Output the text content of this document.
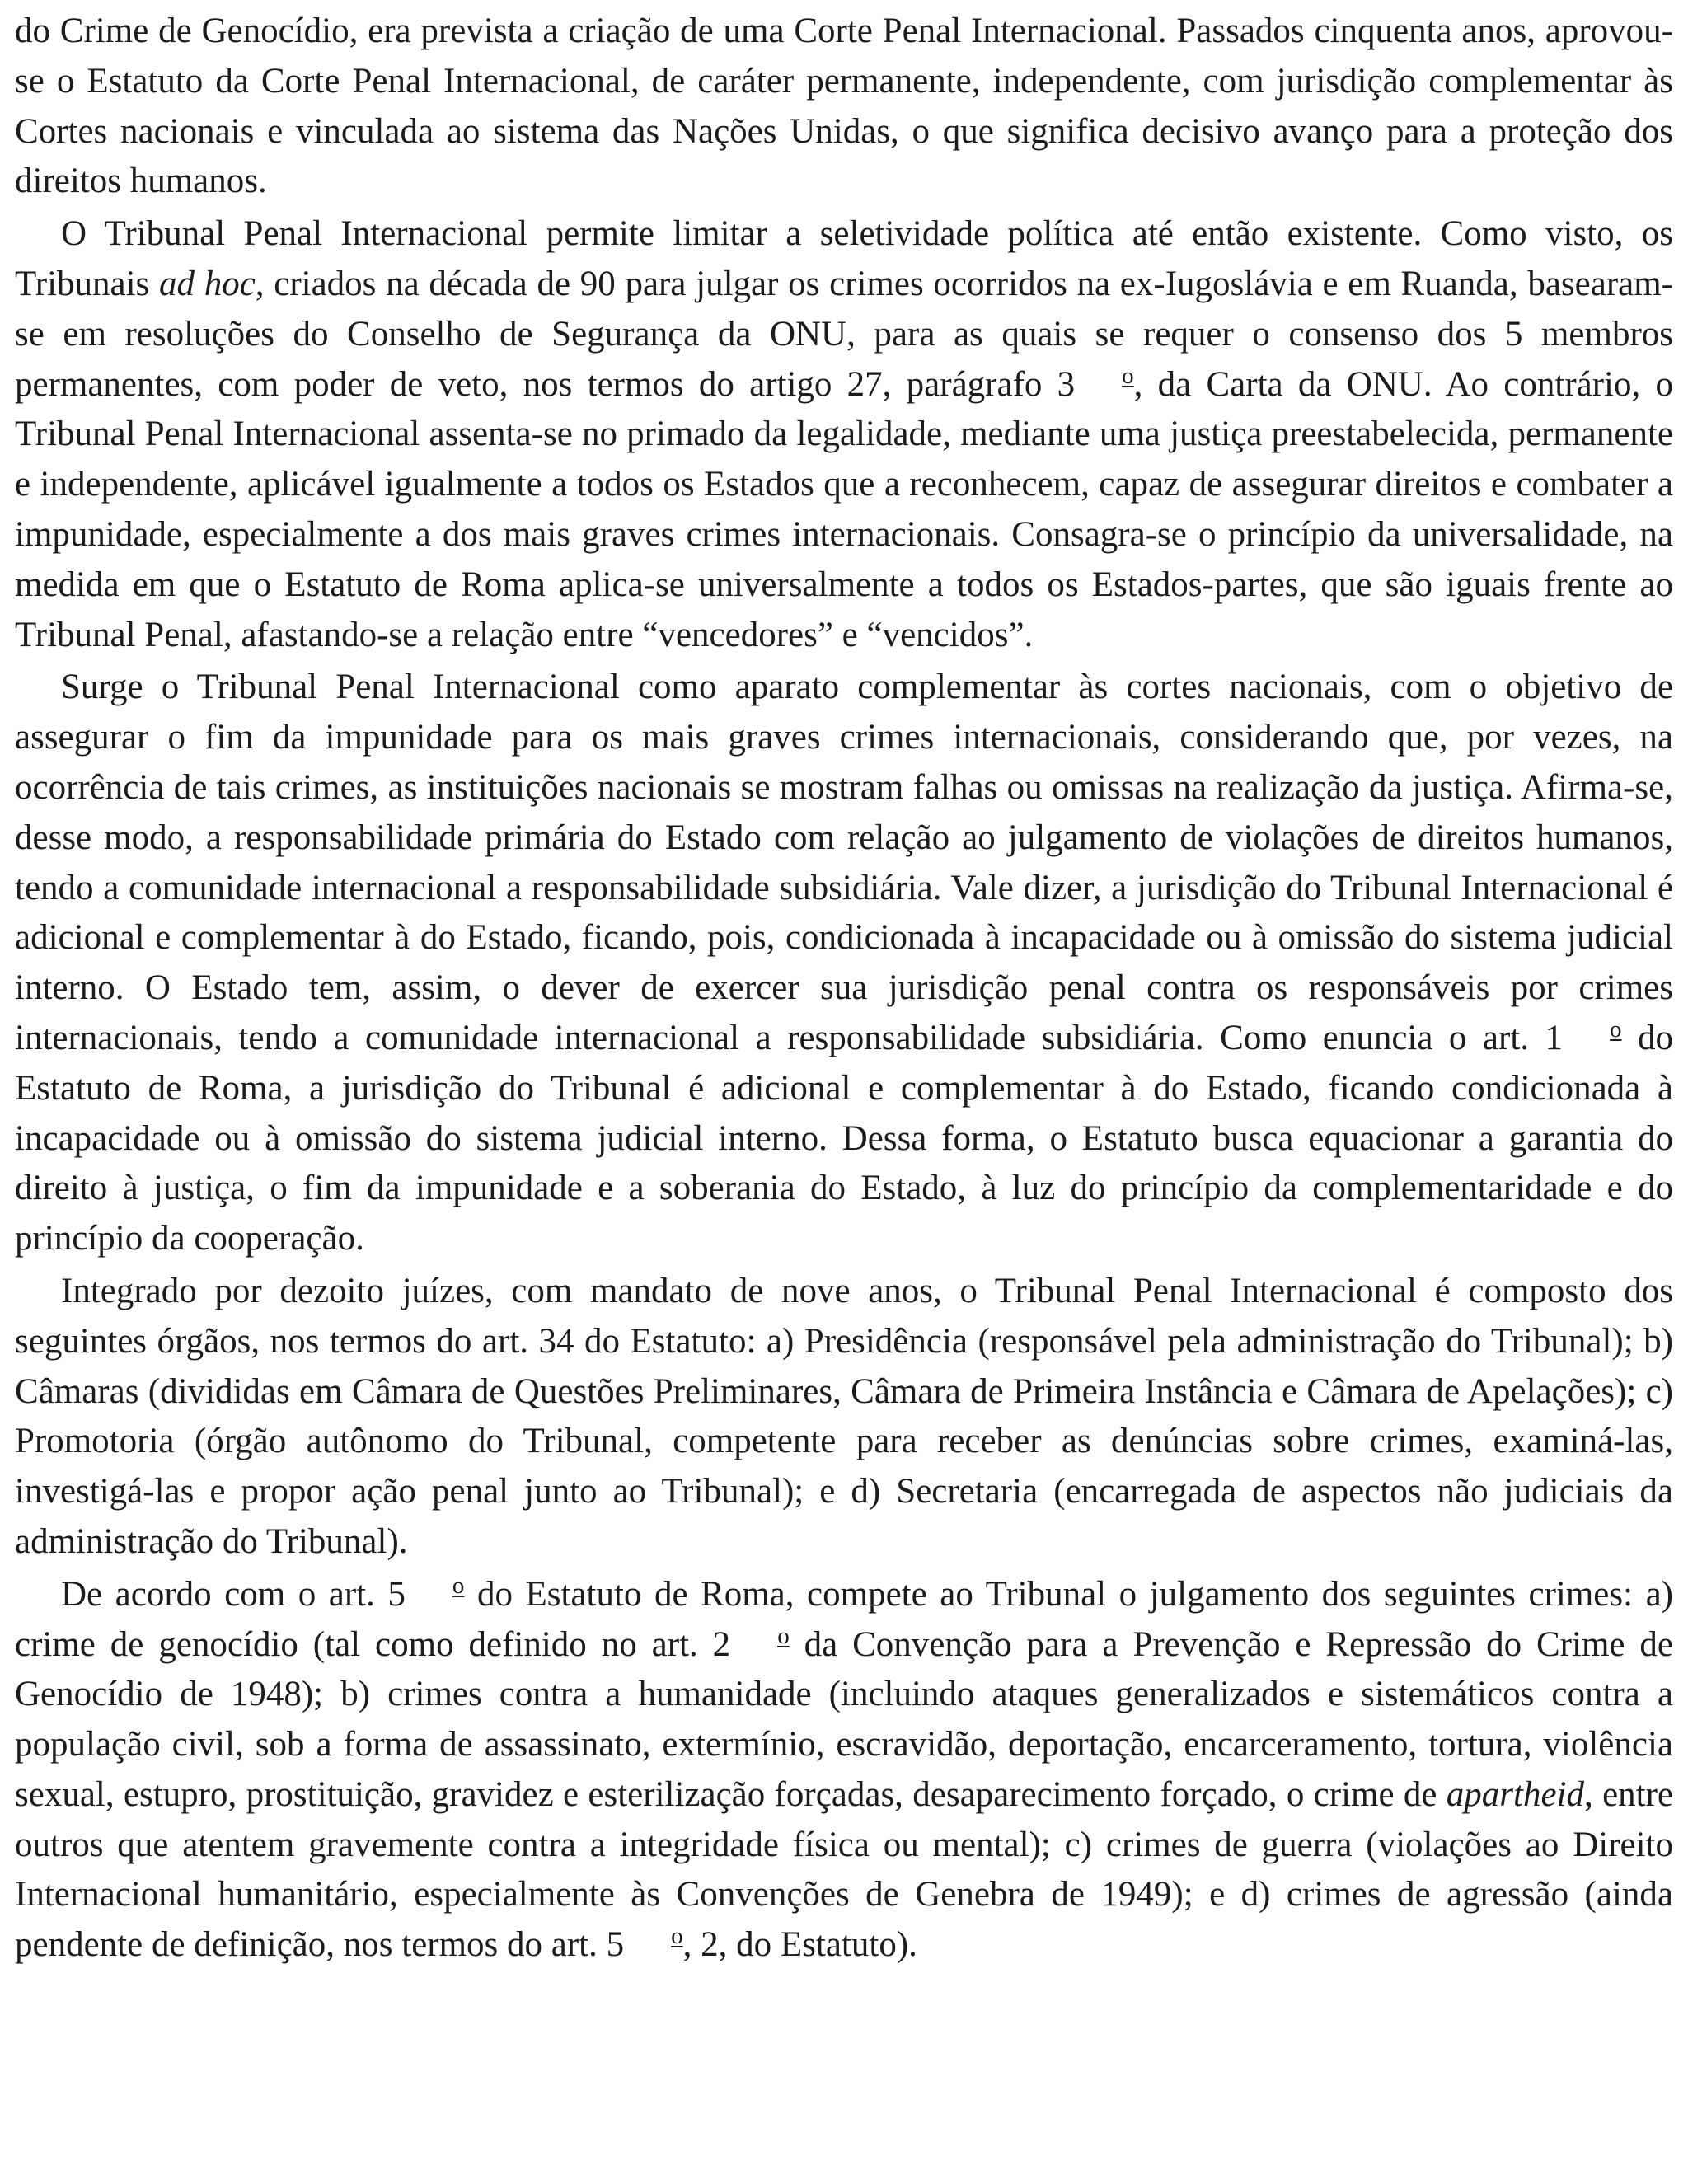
do Crime de Genocídio, era prevista a criação de uma Corte Penal Internacional. Passados cinquenta anos, aprovou-se o Estatuto da Corte Penal Internacional, de caráter permanente, independente, com jurisdição complementar às Cortes nacionais e vinculada ao sistema das Nações Unidas, o que significa decisivo avanço para a proteção dos direitos humanos.

O Tribunal Penal Internacional permite limitar a seletividade política até então existente. Como visto, os Tribunais ad hoc, criados na década de 90 para julgar os crimes ocorridos na ex-Iugoslávia e em Ruanda, basearam-se em resoluções do Conselho de Segurança da ONU, para as quais se requer o consenso dos 5 membros permanentes, com poder de veto, nos termos do artigo 27, parágrafo 3 o, da Carta da ONU. Ao contrário, o Tribunal Penal Internacional assenta-se no primado da legalidade, mediante uma justiça preestabelecida, permanente e independente, aplicável igualmente a todos os Estados que a reconhecem, capaz de assegurar direitos e combater a impunidade, especialmente a dos mais graves crimes internacionais. Consagra-se o princípio da universalidade, na medida em que o Estatuto de Roma aplica-se universalmente a todos os Estados-partes, que são iguais frente ao Tribunal Penal, afastando-se a relação entre “vencedores” e “vencidos”.

Surge o Tribunal Penal Internacional como aparato complementar às cortes nacionais, com o objetivo de assegurar o fim da impunidade para os mais graves crimes internacionais, considerando que, por vezes, na ocorrência de tais crimes, as instituições nacionais se mostram falhas ou omissas na realização da justiça. Afirma-se, desse modo, a responsabilidade primária do Estado com relação ao julgamento de violações de direitos humanos, tendo a comunidade internacional a responsabilidade subsidiária. Vale dizer, a jurisdição do Tribunal Internacional é adicional e complementar à do Estado, ficando, pois, condicionada à incapacidade ou à omissão do sistema judicial interno. O Estado tem, assim, o dever de exercer sua jurisdição penal contra os responsáveis por crimes internacionais, tendo a comunidade internacional a responsabilidade subsidiária. Como enuncia o art. 1 o do Estatuto de Roma, a jurisdição do Tribunal é adicional e complementar à do Estado, ficando condicionada à incapacidade ou à omissão do sistema judicial interno. Dessa forma, o Estatuto busca equacionar a garantia do direito à justiça, o fim da impunidade e a soberania do Estado, à luz do princípio da complementaridade e do princípio da cooperação.

Integrado por dezoito juízes, com mandato de nove anos, o Tribunal Penal Internacional é composto dos seguintes órgãos, nos termos do art. 34 do Estatuto: a) Presidência (responsável pela administração do Tribunal); b) Câmaras (divididas em Câmara de Questões Preliminares, Câmara de Primeira Instância e Câmara de Apelações); c) Promotoria (órgão autônomo do Tribunal, competente para receber as denúncias sobre crimes, examiná-las, investigá-las e propor ação penal junto ao Tribunal); e d) Secretaria (encarregada de aspectos não judiciais da administração do Tribunal).

De acordo com o art. 5 o do Estatuto de Roma, compete ao Tribunal o julgamento dos seguintes crimes: a) crime de genocídio (tal como definido no art. 2 o da Convenção para a Prevenção e Repressão do Crime de Genocídio de 1948); b) crimes contra a humanidade (incluindo ataques generalizados e sistemáticos contra a população civil, sob a forma de assassinato, extermínio, escravidão, deportação, encarceramento, tortura, violência sexual, estupro, prostituição, gravidez e esterilização forçadas, desaparecimento forçado, o crime de apartheid, entre outros que atentem gravemente contra a integridade física ou mental); c) crimes de guerra (violações ao Direito Internacional humanitário, especialmente às Convenções de Genebra de 1949); e d) crimes de agressão (ainda pendente de definição, nos termos do art. 5 o, 2, do Estatuto).
